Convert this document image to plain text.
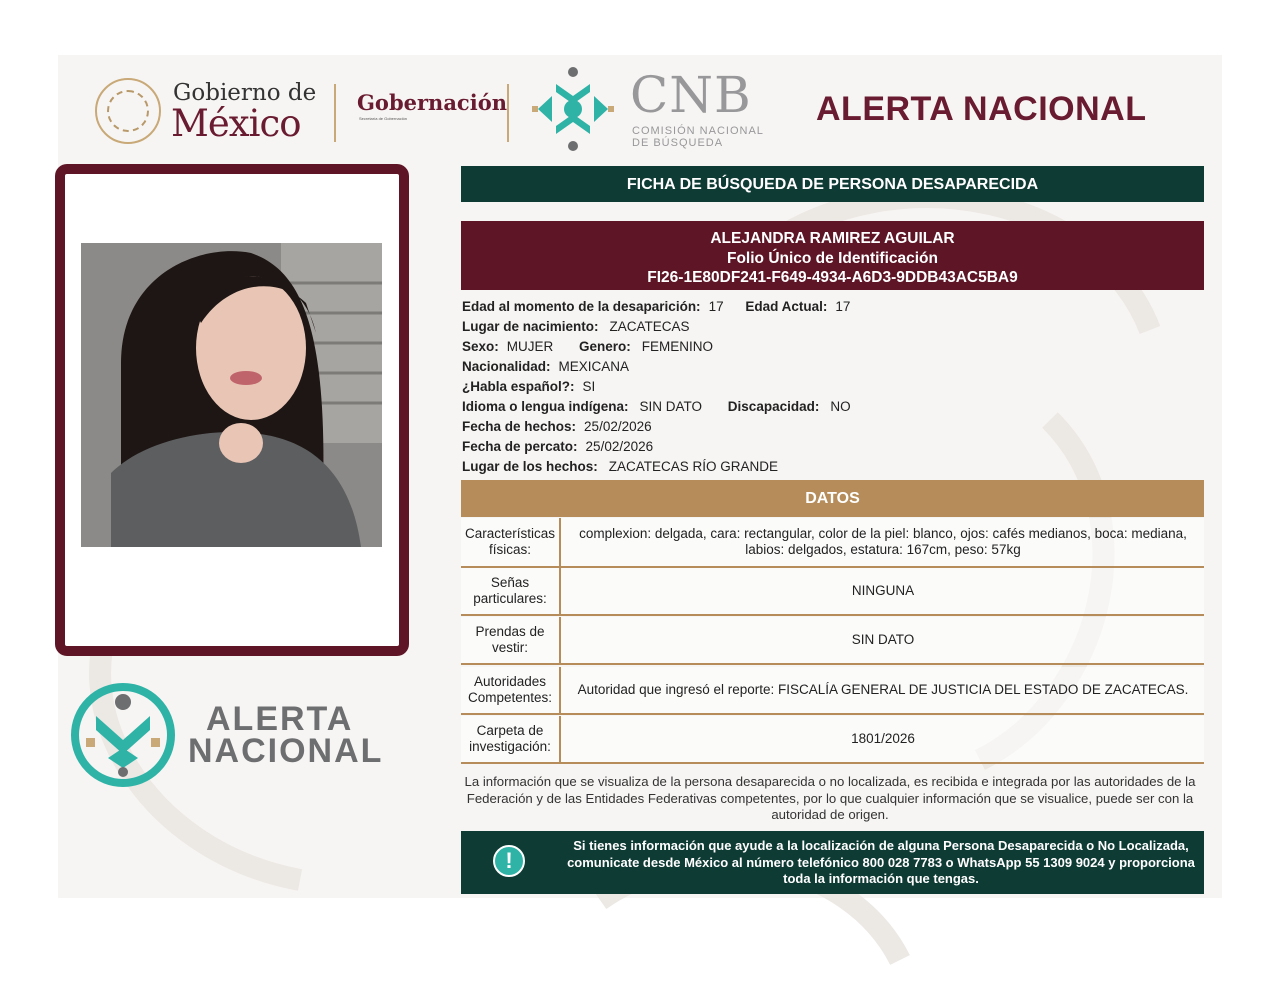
Gobierno de
México	Gobernación
Secretaría de Gobernación	CNB
COMISIÓN NACIONAL
DE BÚSQUEDA
ALERTA NACIONAL
ALERTA
NACIONAL
FICHA DE BÚSQUEDA DE PERSONA DESAPARECIDA
ALEJANDRA RAMIREZ AGUILAR
Folio Único de Identificación
FI26-1E80DF241-F649-4934-A6D3-9DDB43AC5BA9
Edad al momento de la desaparición: 17 Edad Actual: 17
Lugar de nacimiento: ZACATECAS
Sexo: MUJER Genero: FEMENINO
Nacionalidad: MEXICANA
¿Habla español?: SI
Idioma o lengua indígena: SIN DATO Discapacidad: NO
Fecha de hechos: 25/02/2026
Fecha de percato: 25/02/2026
Lugar de los hechos: ZACATECAS RÍO GRANDE
DATOS
Características
físicas:
complexion: delgada, cara: rectangular, color de la piel: blanco, ojos: cafés medianos, boca: mediana,
labios: delgados, estatura: 167cm, peso: 57kg
Señas
particulares:
NINGUNA
Prendas de
vestir:
SIN DATO
Autoridades
Competentes:
Autoridad que ingresó el reporte: FISCALÍA GENERAL DE JUSTICIA DEL ESTADO DE ZACATECAS.
Carpeta de
investigación:
1801/2026
La información que se visualiza de la persona desaparecida o no localizada, es recibida e integrada por las autoridades de la Federación y de las Entidades Federativas competentes, por lo que cualquier información que se visualice, puede ser con la autoridad de origen.
!
Si tienes información que ayude a la localización de alguna Persona Desaparecida o No Localizada, comunicate desde México al número telefónico 800 028 7783 o WhatsApp 55 1309 9024 y proporciona toda la información que tengas.
